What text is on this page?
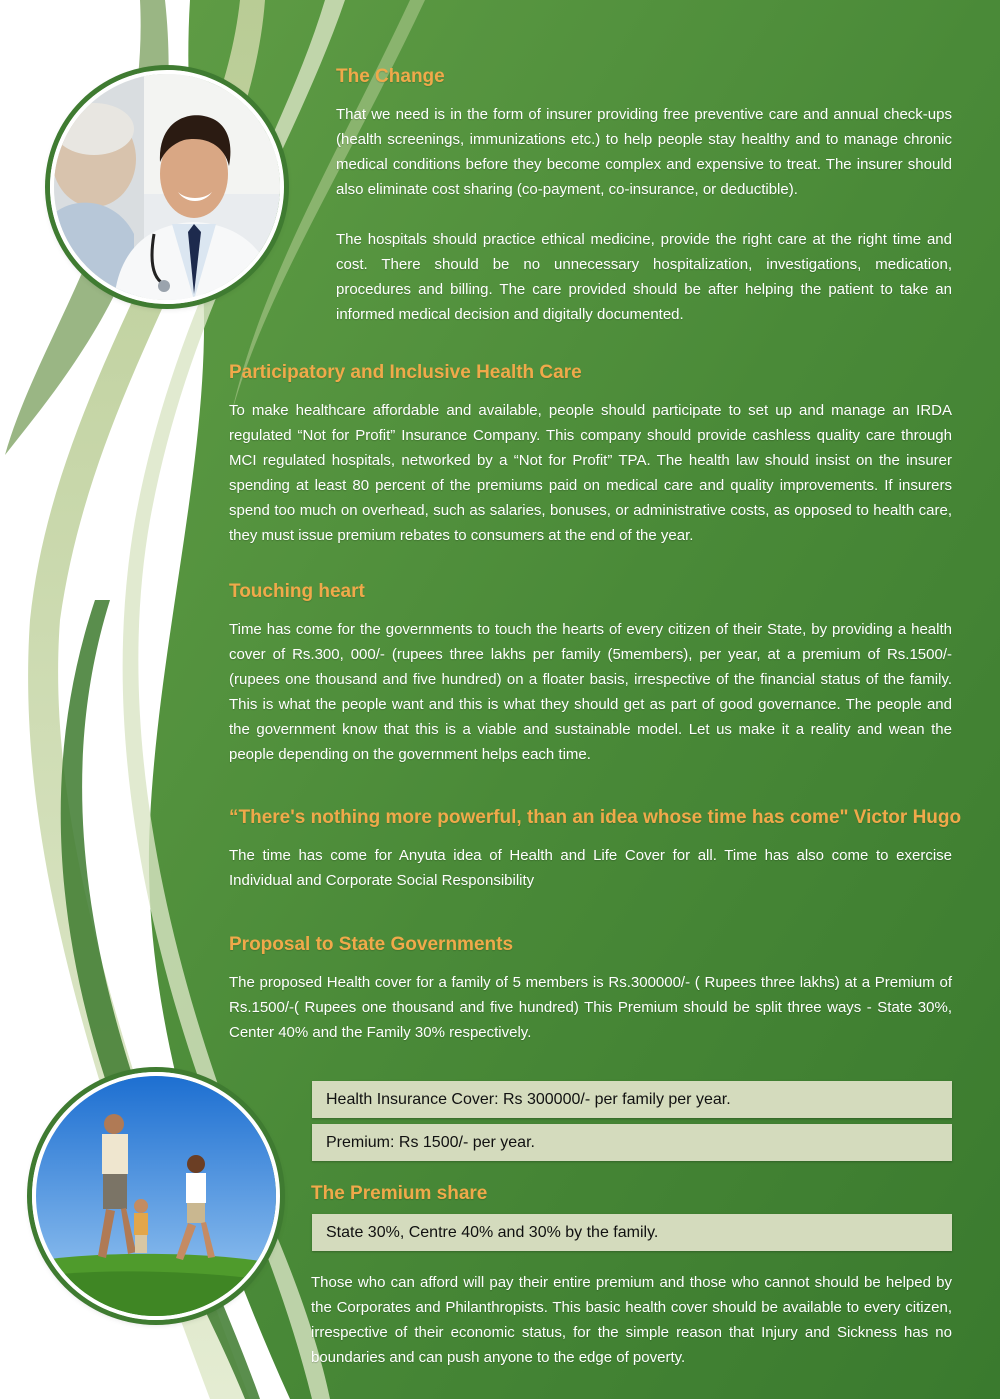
The Change

That we need is in the form of insurer providing free preventive care and annual check-ups (health screenings, immunizations etc.) to help people stay healthy and to manage chronic medical conditions before they become complex and expensive to treat. The insurer should also eliminate cost sharing (co-payment, co-insurance, or deductible).

The hospitals should practice ethical medicine, provide the right care at the right time and cost. There should be no unnecessary hospitalization, investigations, medication, procedures and billing. The care provided should be after helping the patient to take an informed medical decision and digitally documented.

Participatory and Inclusive Health Care

To make healthcare affordable and available, people should participate to set up and manage an IRDA regulated “Not for Profit” Insurance Company. This company should provide cashless quality care through MCI regulated hospitals, networked by a “Not for Profit” TPA. The health law should insist on the insurer spending at least 80 percent of the premiums paid on medical care and quality improvements. If insurers spend too much on overhead, such as salaries, bonuses, or administrative costs, as opposed to health care, they must issue premium rebates to consumers at the end of the year.

Touching heart

Time has come for the governments to touch the hearts of every citizen of their State, by providing a health cover of Rs.300, 000/- (rupees three lakhs per family (5members), per year, at a premium of Rs.1500/- (rupees one thousand and five hundred) on a floater basis, irrespective of the financial status of the family. This is what the people want and this is what they should get as part of good governance. The people and the government know that this is a viable and sustainable model. Let us make it a reality and wean the people depending on the government helps each time.

“There's nothing more powerful, than an idea whose time has come" Victor Hugo

The time has come for Anyuta idea of Health and Life Cover for all. Time has also come to exercise Individual and Corporate Social Responsibility

Proposal to State Governments

The proposed Health cover for a family of 5 members is Rs.300000/- ( Rupees three lakhs) at a Premium of Rs.1500/-( Rupees one thousand and five hundred) This Premium should be split three ways - State 30%, Center 40% and the Family 30% respectively.

Health Insurance Cover: Rs 300000/- per family per year.
Premium: Rs 1500/- per year.
The Premium share
State 30%, Centre 40% and 30% by the family.

Those who can afford will pay their entire premium and those who cannot should be helped by the Corporates and Philanthropists. This basic health cover should be available to every citizen, irrespective of their economic status, for the simple reason that Injury and Sickness has no boundaries and can push anyone to the edge of poverty.
